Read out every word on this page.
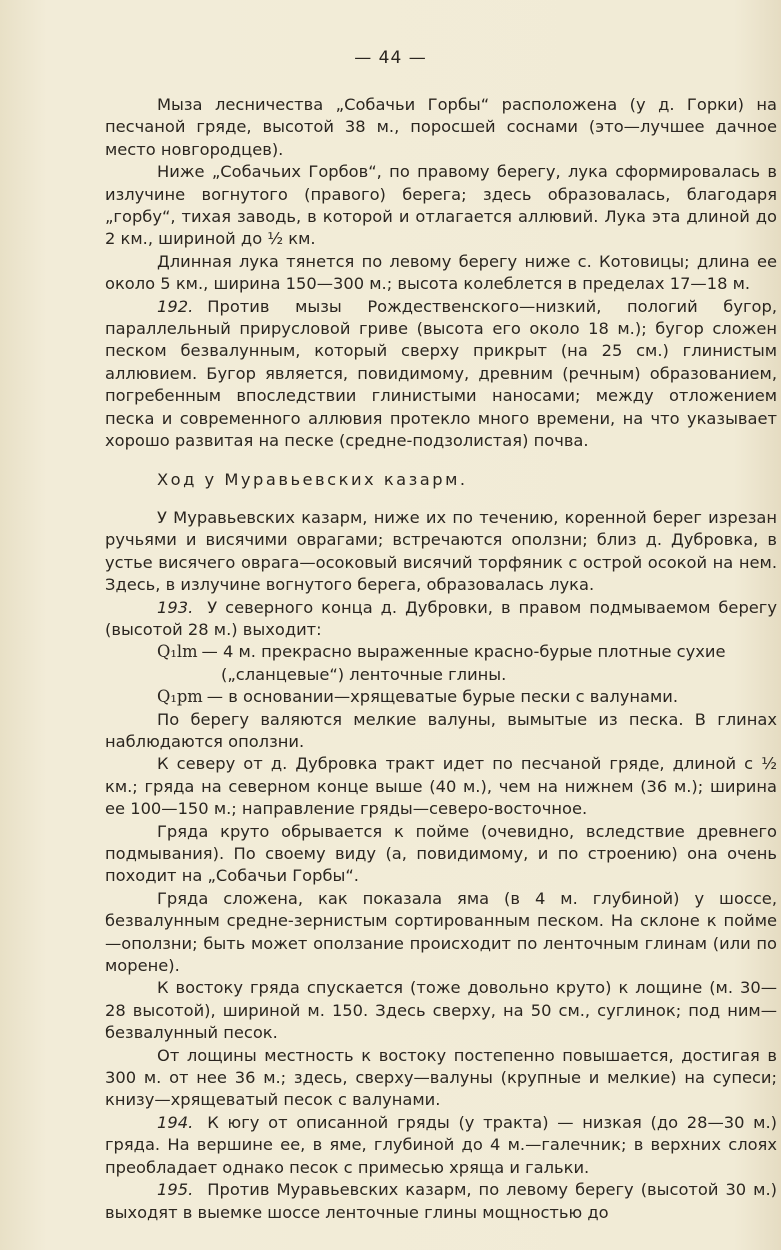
— 44 —

Мыза лесничества „Собачьи Горбы“ расположена (у д. Горки) на песчаной гряде, высотой 38 м., поросшей соснами (это—лучшее дачное место новгородцев).

Ниже „Собачьих Горбов“, по правому берегу, лука сформировалась в излучине вогнутого (правого) берега; здесь образовалась, благодаря „горбу“, тихая заводь, в которой и отлагается аллювий. Лука эта длиной до 2 км., шириной до ½ км.

Длинная лука тянется по левому берегу ниже с. Котовицы; длина ее около 5 км., ширина 150—300 м.; высота колеблется в пределах 17—18 м.

192. Против мызы Рождественского—низкий, пологий бугор, параллельный прирусловой гриве (высота его около 18 м.); бугор сложен песком безвалунным, который сверху прикрыт (на 25 см.) глинистым аллювием. Бугор является, повидимому, древним (речным) образованием, погребенным впоследствии глинистыми наносами; между отложением песка и современного аллювия протекло много времени, на что указывает хорошо развитая на песке (средне-подзолистая) почва.

Ход у Муравьевских казарм.

У Муравьевских казарм, ниже их по течению, коренной берег изрезан ручьями и висячими оврагами; встречаются оползни; близ д. Дубровка, в устье висячего оврага—осоковый висячий торфяник с острой осокой на нем. Здесь, в излучине вогнутого берега, образовалась лука.

193. У северного конца д. Дубровки, в правом подмываемом берегу (высотой 28 м.) выходит:

Q₁lm — 4 м. прекрасно выраженные красно-бурые плотные сухие
(„сланцевые“) ленточные глины.

Q₁pm — в основании—хрящеватые бурые пески с валунами.

По берегу валяются мелкие валуны, вымытые из песка. В глинах наблюдаются оползни.

К северу от д. Дубровка тракт идет по песчаной гряде, длиной с ½ км.; гряда на северном конце выше (40 м.), чем на нижнем (36 м.); ширина ее 100—150 м.; направление гряды—северо-восточное.

Гряда круто обрывается к пойме (очевидно, вследствие древнего подмывания). По своему виду (а, повидимому, и по строению) она очень походит на „Собачьи Горбы“.

Гряда сложена, как показала яма (в 4 м. глубиной) у шоссе, безвалунным средне-зернистым сортированным песком. На склоне к пойме—оползни; быть может оползание происходит по ленточным глинам (или по морене).

К востоку гряда спускается (тоже довольно круто) к лощине (м. 30—28 высотой), шириной м. 150. Здесь сверху, на 50 см., суглинок; под ним—безвалунный песок.

От лощины местность к востоку постепенно повышается, достигая в 300 м. от нее 36 м.; здесь, сверху—валуны (крупные и мелкие) на супеси; книзу—хрящеватый песок с валунами.

194. К югу от описанной гряды (у тракта) — низкая (до 28—30 м.) гряда. На вершине ее, в яме, глубиной до 4 м.—галечник; в верхних слоях преобладает однако песок с примесью хряща и гальки.

195. Против Муравьевских казарм, по левому берегу (высотой 30 м.) выходят в выемке шоссе ленточные глины мощностью до
